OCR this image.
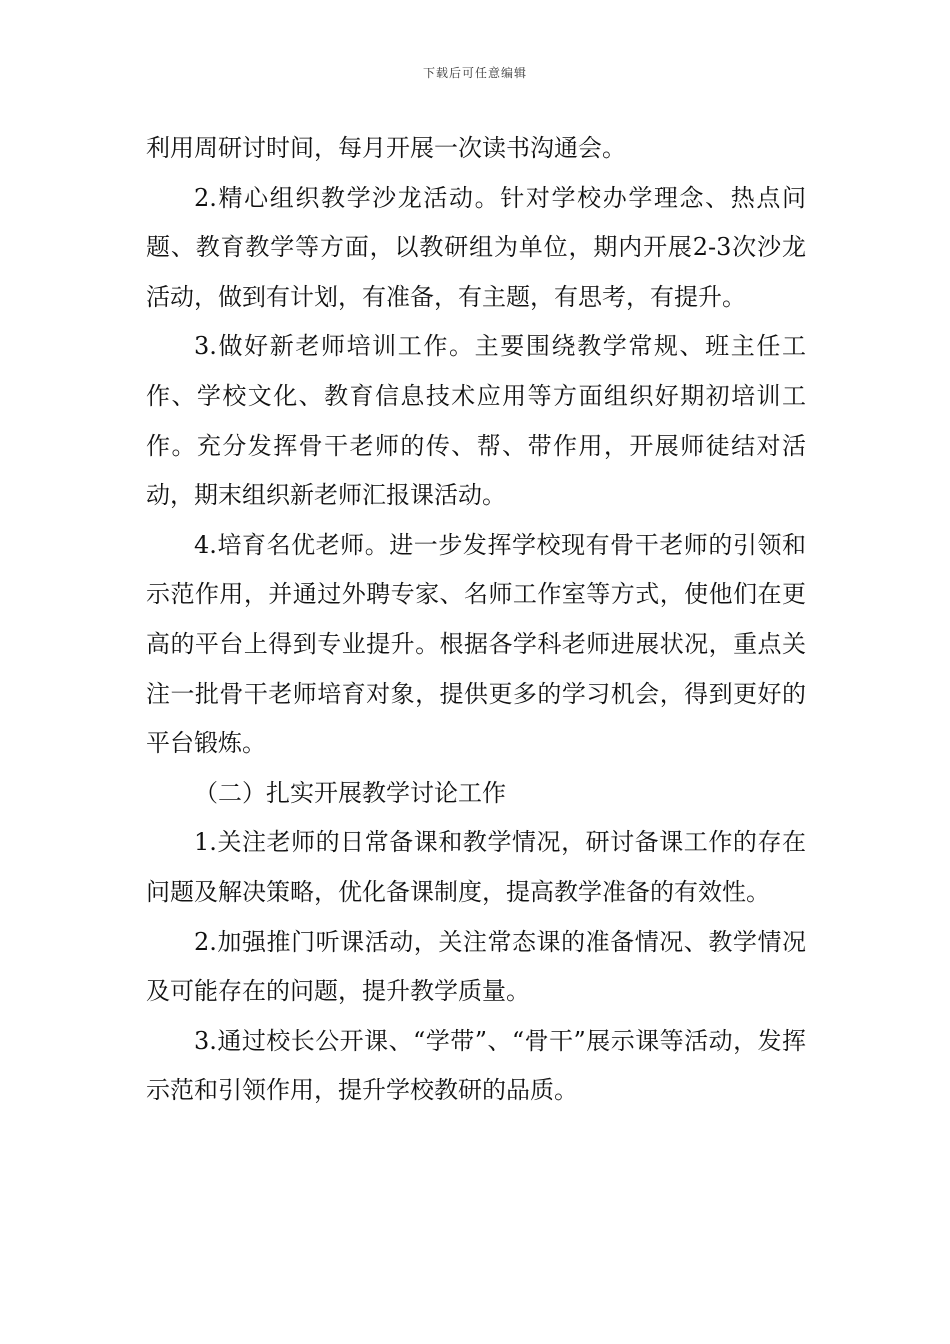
下载后可任意编辑

利用周研讨时间，每月开展一次读书沟通会。

2.精心组织教学沙龙活动。针对学校办学理念、热点问题、教育教学等方面，以教研组为单位，期内开展2-3次沙龙活动，做到有计划，有准备，有主题，有思考，有提升。

3.做好新老师培训工作。主要围绕教学常规、班主任工作、学校文化、教育信息技术应用等方面组织好期初培训工作。充分发挥骨干老师的传、帮、带作用，开展师徒结对活动，期末组织新老师汇报课活动。

4.培育名优老师。进一步发挥学校现有骨干老师的引领和示范作用，并通过外聘专家、名师工作室等方式，使他们在更高的平台上得到专业提升。根据各学科老师进展状况，重点关注一批骨干老师培育对象，提供更多的学习机会，得到更好的平台锻炼。

（二）扎实开展教学讨论工作

1.关注老师的日常备课和教学情况，研讨备课工作的存在问题及解决策略，优化备课制度，提高教学准备的有效性。

2.加强推门听课活动，关注常态课的准备情况、教学情况及可能存在的问题，提升教学质量。

3.通过校长公开课、“学带”、“骨干”展示课等活动，发挥示范和引领作用，提升学校教研的品质。
